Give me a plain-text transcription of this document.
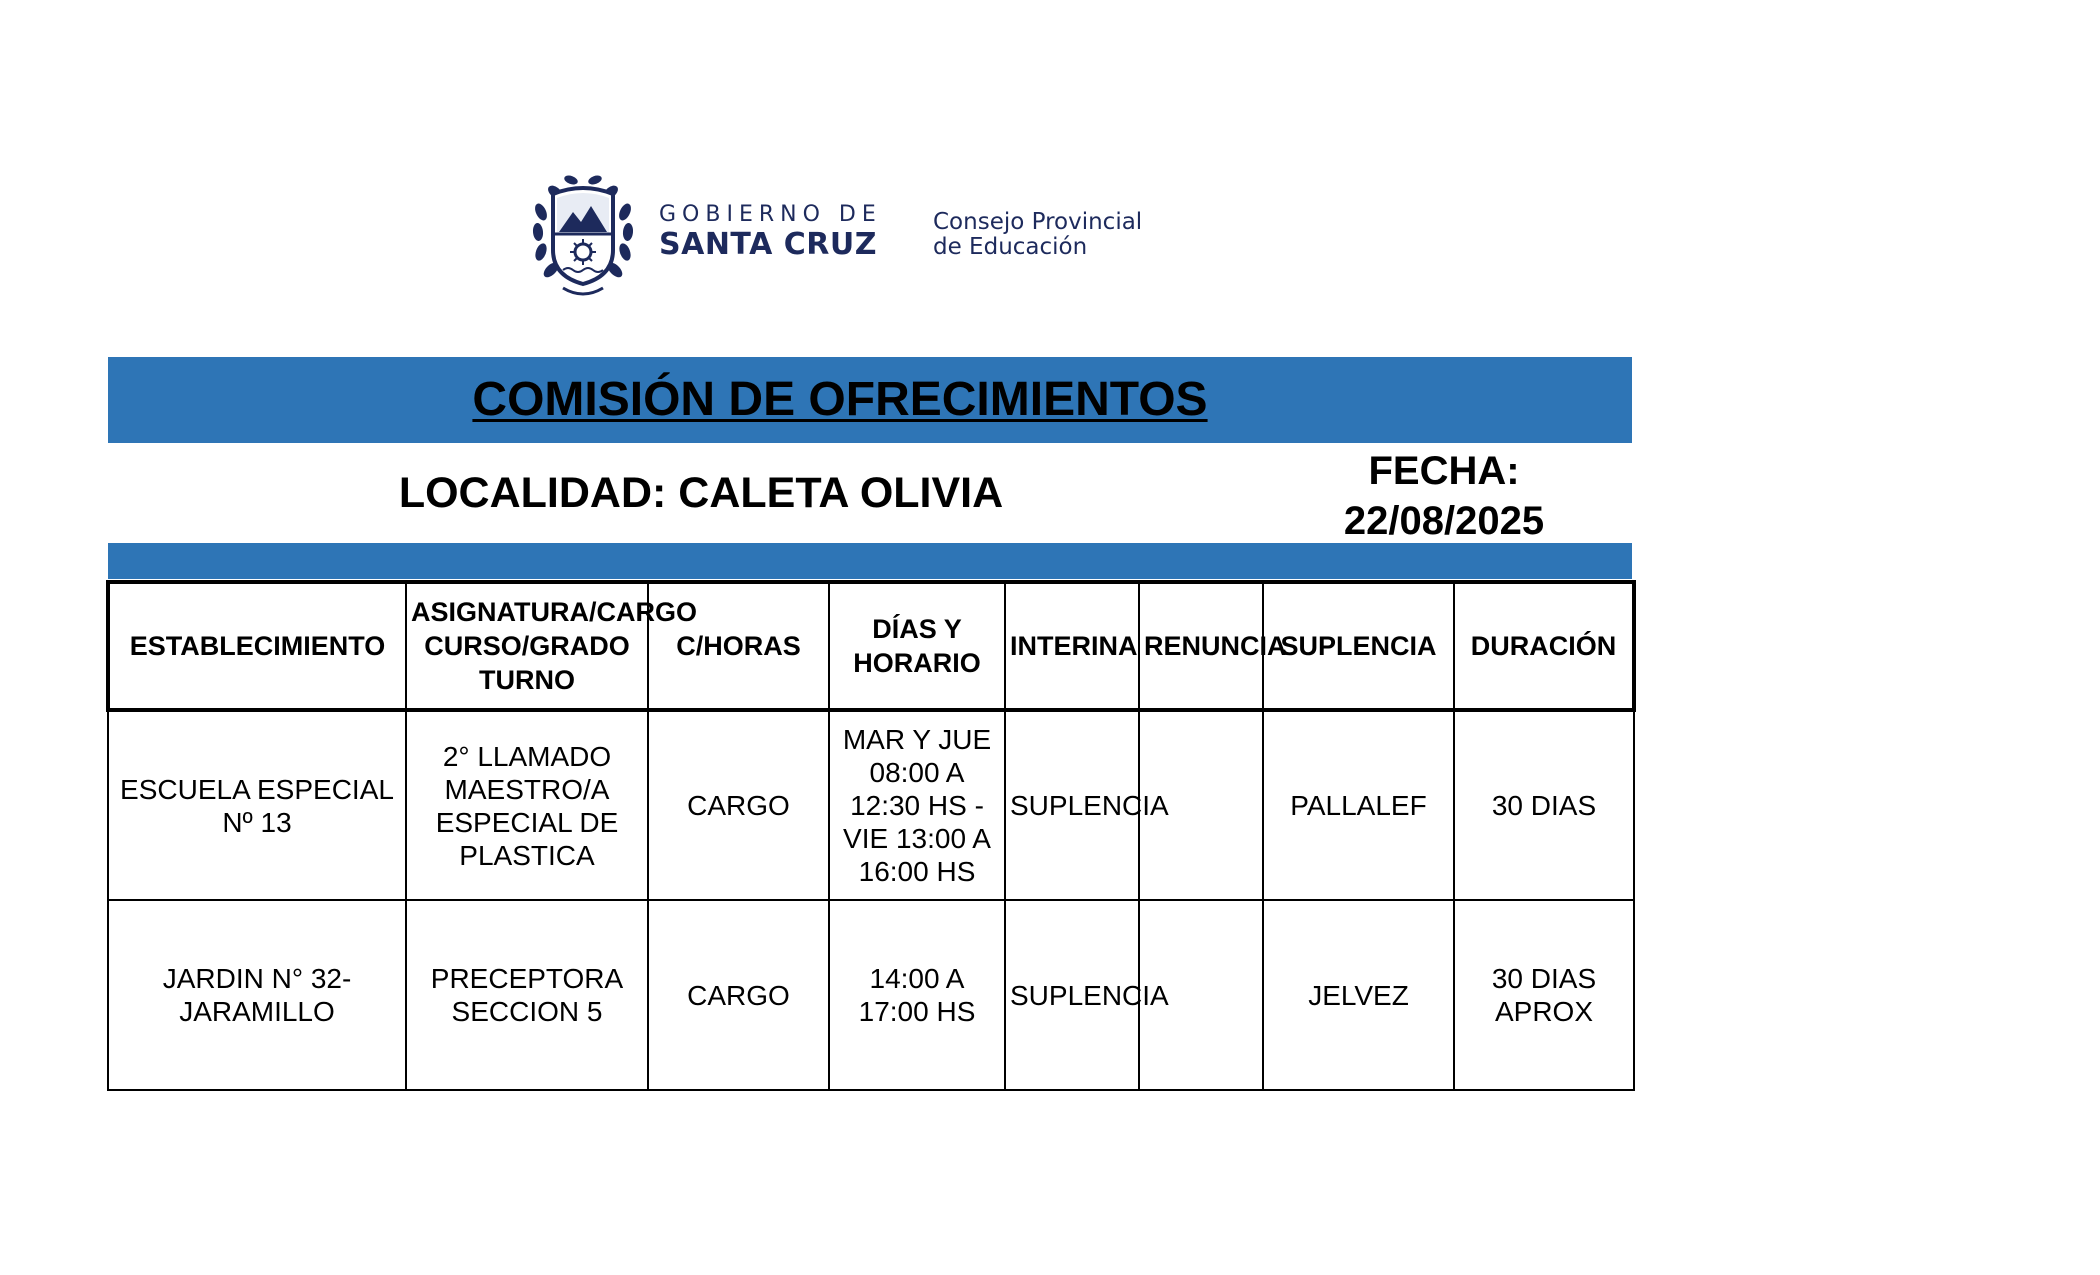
GOBIERNO DE
SANTA CRUZ
Consejo Provincial
de Educación
COMISIÓN DE OFRECIMIENTOS
LOCALIDAD: CALETA OLIVIA	FECHA:
22/08/2025
ESTABLECIMIENTO	ASIGNATURA/CARGO CURSO/GRADO TURNO	C/HORAS	DÍAS Y HORARIO	INTERINA	RENUNCIA	SUPLENCIA	DURACIÓN

ESCUELA ESPECIAL Nº 13	2° LLAMADO MAESTRO/A ESPECIAL DE PLASTICA	CARGO	MAR Y JUE 08:00 A 12:30 HS - VIE 13:00 A 16:00 HS	SUPLENCIA		PALLALEF	30 DIAS
JARDIN N° 32- JARAMILLO	PRECEPTORA SECCION 5	CARGO	14:00 A 17:00 HS	SUPLENCIA		JELVEZ	30 DIAS APROX
